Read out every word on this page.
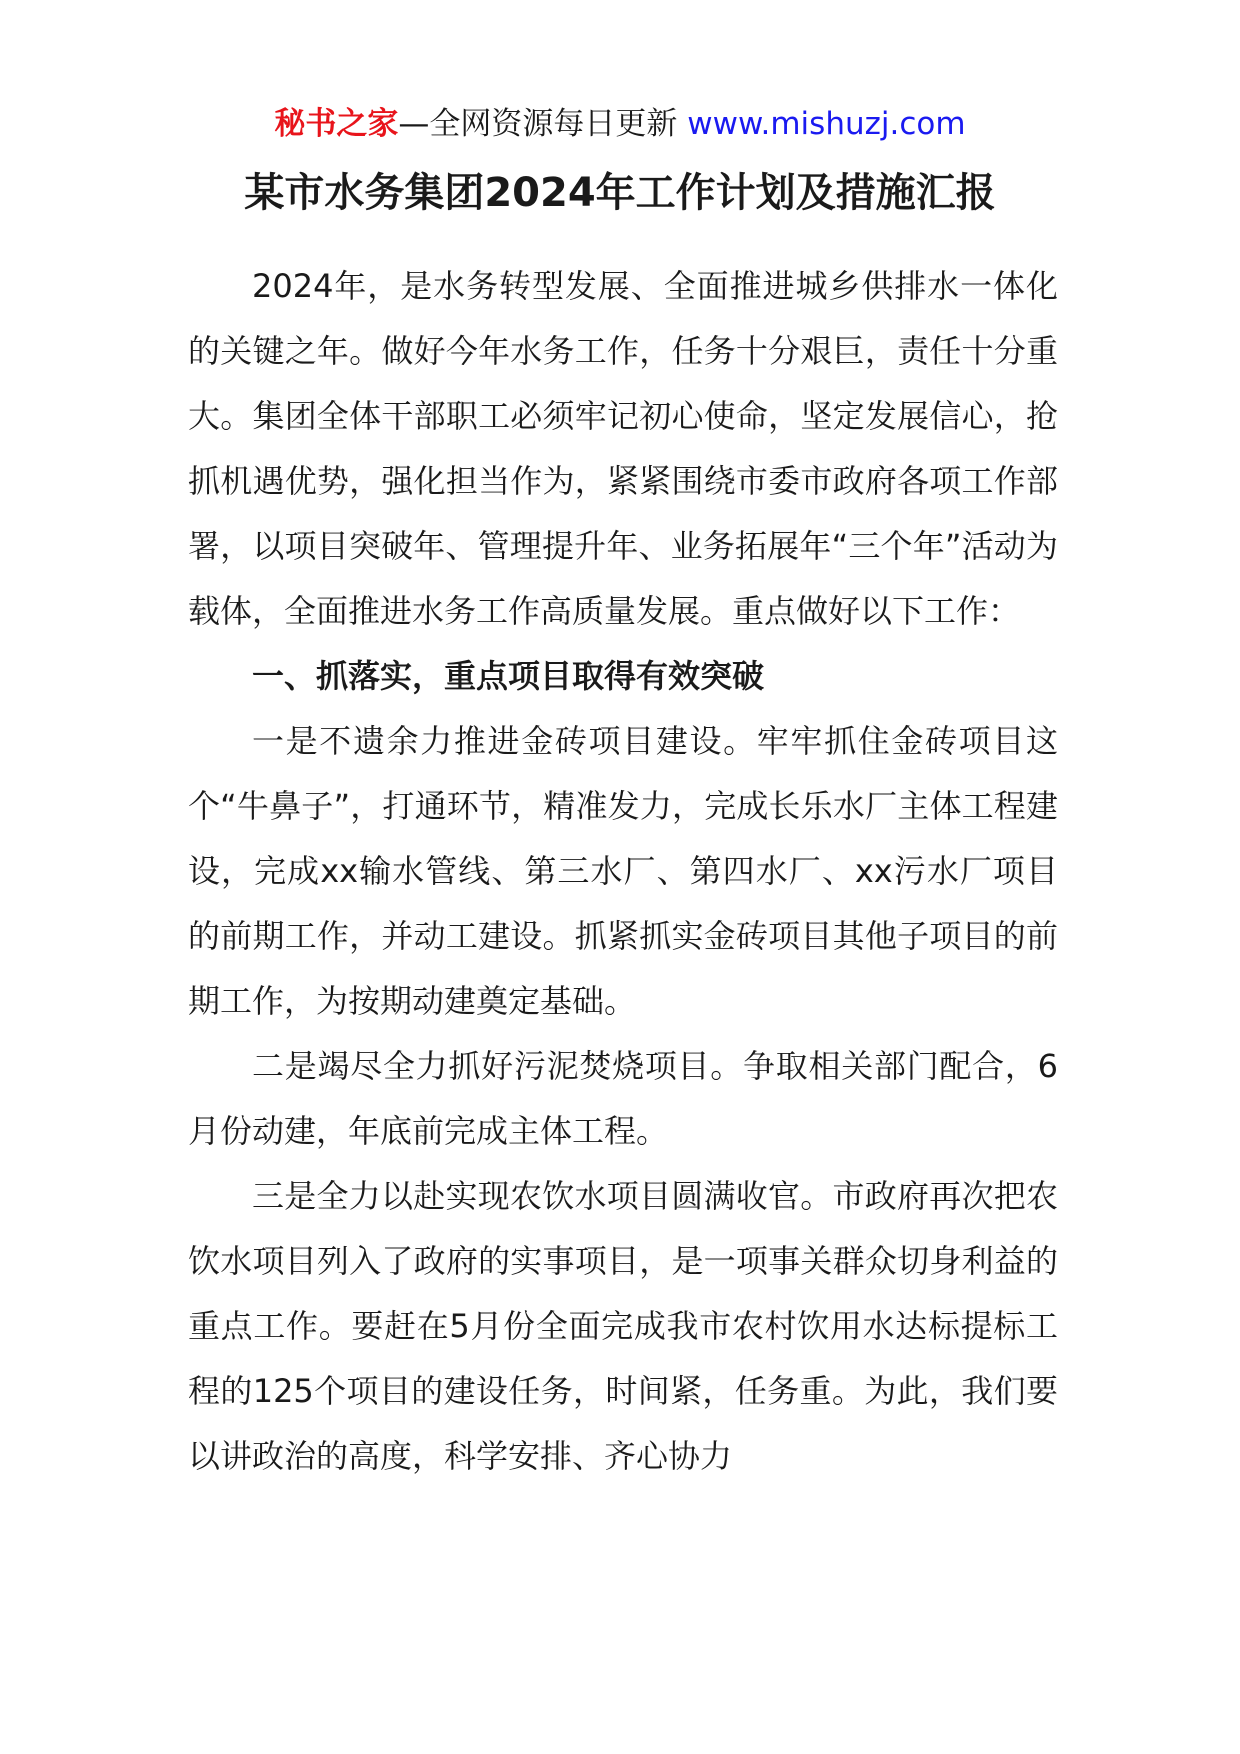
秘书之家—全网资源每日更新 www.mishuzj.com
某市水务集团2024年工作计划及措施汇报

2024年，是水务转型发展、全面推进城乡供排水一体化的关键之年。做好今年水务工作，任务十分艰巨，责任十分重大。集团全体干部职工必须牢记初心使命，坚定发展信心，抢抓机遇优势，强化担当作为，紧紧围绕市委市政府各项工作部署，以项目突破年、管理提升年、业务拓展年“三个年”活动为载体，全面推进水务工作高质量发展。重点做好以下工作：

一、抓落实，重点项目取得有效突破

一是不遗余力推进金砖项目建设。牢牢抓住金砖项目这个“牛鼻子”，打通环节，精准发力，完成长乐水厂主体工程建设，完成xx输水管线、第三水厂、第四水厂、xx污水厂项目的前期工作，并动工建设。抓紧抓实金砖项目其他子项目的前期工作，为按期动建奠定基础。

二是竭尽全力抓好污泥焚烧项目。争取相关部门配合，6月份动建，年底前完成主体工程。

三是全力以赴实现农饮水项目圆满收官。市政府再次把农饮水项目列入了政府的实事项目，是一项事关群众切身利益的重点工作。要赶在5月份全面完成我市农村饮用水达标提标工程的125个项目的建设任务，时间紧，任务重。为此，我们要以讲政治的高度，科学安排、齐心协力
